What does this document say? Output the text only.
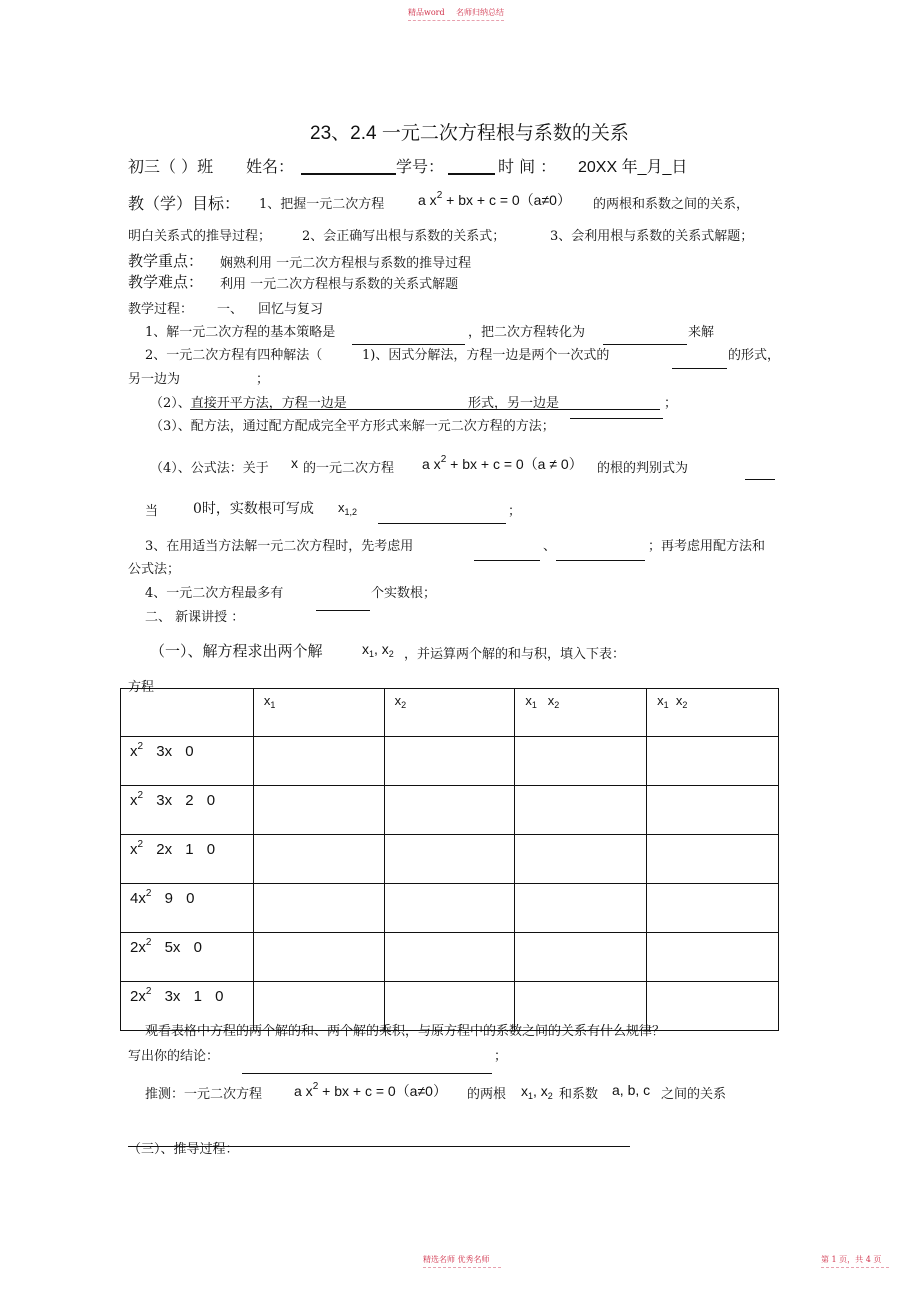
精品word 名师归纳总结
23、2.4 一元二次方程根与系数的关系
初三（ ）班 姓名：	学号：	时 间 ： 20XX 年_月_日
教（学）目标： 1、把握一元二次方程 a $x^2$ + bx + c = 0（a≠0） 的两根和系数之间的关系，
明白关系式的推导过程； 2、会正确写出根与系数的关系式；	3、会利用根与系数的关系式解题；
教学重点： 娴熟利用 一元二次方程根与系数的推导过程
教学难点： 利用 一元二次方程根与系数的关系式解题
教学过程： 一、 回忆与复习
1、解一元二次方程的基本策略是	，把二次方程转化为	来解
2、一元二次方程有四种解法（	1)、因式分解法，方程一边是两个一次式的	的形式，
另一边为	；
（2）、直接开平方法，方程一边是	形式，另一边是	；
（3）、配方法，通过配方配成完全平方形式来解一元二次方程的方法；
（4）、公式法：关于 x 的一元二次方程 a $x^2$ + bx + c = 0（a ≠ 0） 的根的判别式为
当 0时，实数根可写成 $x_{1,2}$	；
3、在用适当方法解一元二次方程时，先考虑用	、	；再考虑用配方法和
公式法；
4、一元二次方程最多有	个实数根；
二、 新课讲授 ：
（一）、解方程求出两个解	$x_1$, $x_2$ ，并运算两个解的和与积，填入下表：
方程

	$x_1$	$x_2$	$x_1$   $x_2$	$x_1$  $x_2$

$x^2$ 3x 0				

$x^2$ 3x 2 0				

$x^2$ 2x 1 0				

$4x^2$ 9 0				

$2x^2$ 5x 0				

$2x^2$ 3x 1 0				

观看表格中方程的两个解的和、两个解的乘积，与原方程中的系数之间的关系有什么规律？
写出你的结论：	；
推测：一元二次方程 a $x^2$ + bx + c = 0（a≠0） 的两根 $x_1$, $x_2$ 和系数 a, b, c 之间的关系
（三）、推导过程：
精选名师 优秀名师	第 1 页，共 4 页
